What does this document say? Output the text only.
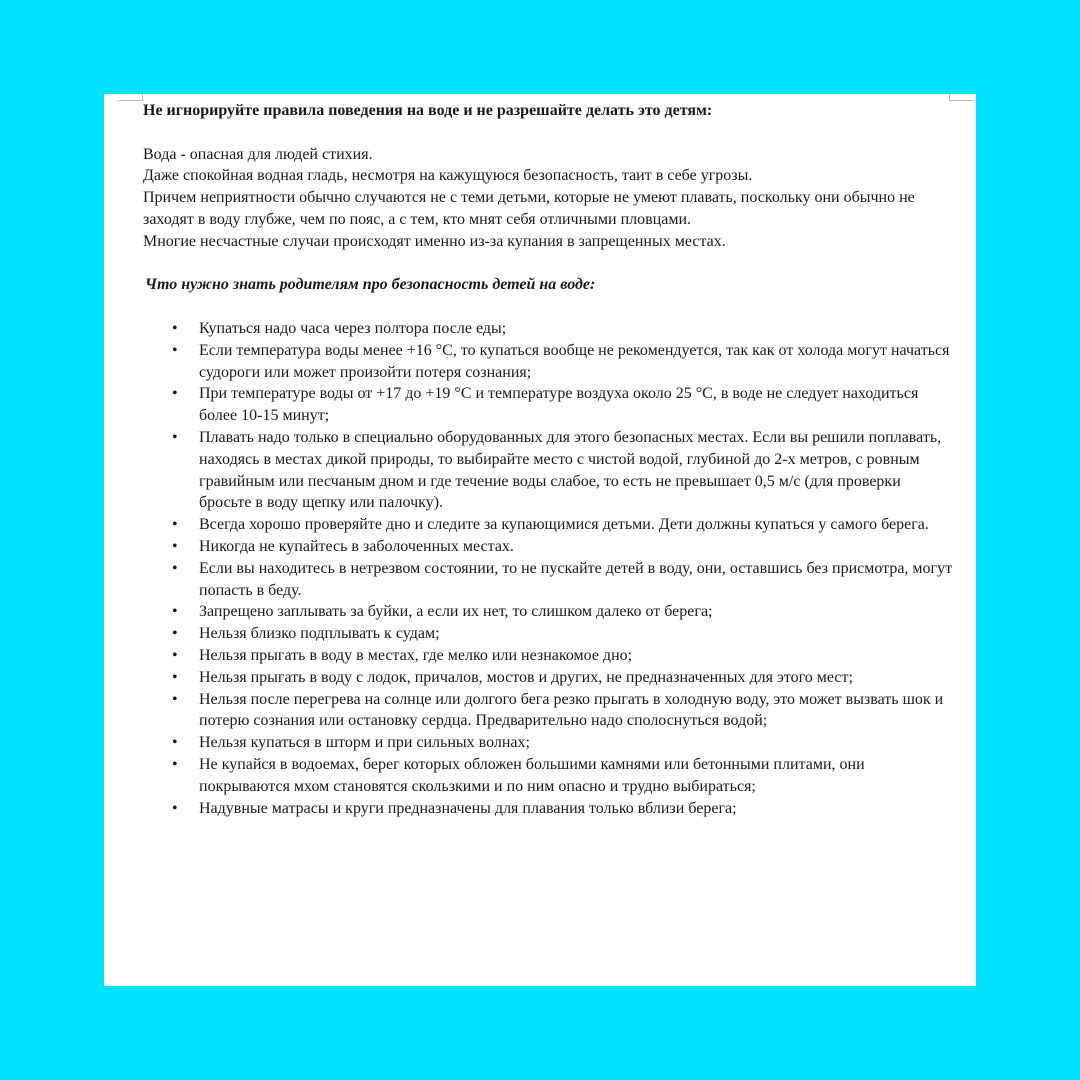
Не игнорируйте правила поведения на воде и не разрешайте делать это детям:

Вода - опасная для людей стихия.

Даже спокойная водная гладь, несмотря на кажущуюся безопасность, таит в себе угрозы.

Причем неприятности обычно случаются не с теми детьми, которые не умеют плавать, поскольку они обычно не заходят в воду глубже, чем по пояс, а с тем, кто мнят себя отличными пловцами.

Многие несчастные случаи происходят именно из-за купания в запрещенных местах.

Что нужно знать родителям про безопасность детей на воде:

• Купаться надо часа через полтора после еды;
• Если температура воды менее +16 °С, то купаться вообще не рекомендуется, так как от холода могут начаться судороги или может произойти потеря сознания;
• При температуре воды от +17 до +19 °С и температуре воздуха около 25 °С, в воде не следует находиться более 10-15 минут;
• Плавать надо только в специально оборудованных для этого безопасных местах. Если вы решили поплавать, находясь в местах дикой природы, то выбирайте место с чистой водой, глубиной до 2-х метров, с ровным гравийным или песчаным дном и где течение воды слабое, то есть не превышает 0,5 м/с (для проверки бросьте в воду щепку или палочку).
• Всегда хорошо проверяйте дно и следите за купающимися детьми. Дети должны купаться у самого берега.
• Никогда не купайтесь в заболоченных местах.
• Если вы находитесь в нетрезвом состоянии, то не пускайте детей в воду, они, оставшись без присмотра, могут попасть в беду.
• Запрещено заплывать за буйки, а если их нет, то слишком далеко от берега;
• Нельзя близко подплывать к судам;
• Нельзя прыгать в воду в местах, где мелко или незнакомое дно;
• Нельзя прыгать в воду с лодок, причалов, мостов и других, не предназначенных для этого мест;
• Нельзя после перегрева на солнце или долгого бега резко прыгать в холодную воду, это может вызвать шок и потерю сознания или остановку сердца. Предварительно надо сполоснуться водой;
• Нельзя купаться в шторм и при сильных волнах;
• Не купайся в водоемах, берег которых обложен большими камнями или бетонными плитами, они покрываются мхом становятся скользкими и по ним опасно и трудно выбираться;
• Надувные матрасы и круги предназначены для плавания только вблизи берега;
